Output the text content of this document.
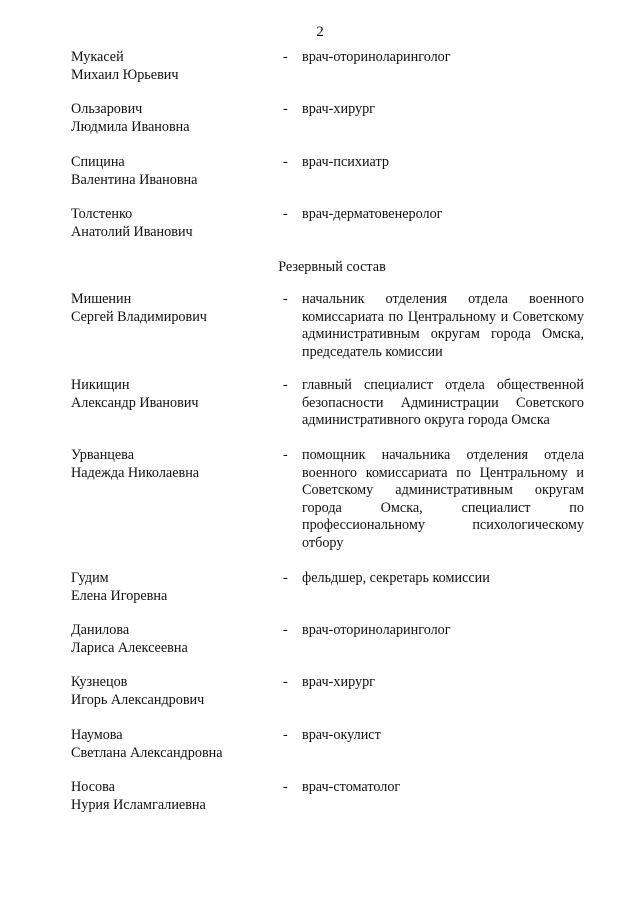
2
Мукасей
Михаил Юрьевич
- врач-оториноларинголог
Ользарович
Людмила Ивановна
- врач-хирург
Спицина
Валентина Ивановна
- врач-психиатр
Толстенко
Анатолий Иванович
- врач-дерматовенеролог
Резервный состав
Мишенин
Сергей Владимирович
- начальник отделения отдела военного комиссариата по Центральному и Советскому административным округам города Омска, председатель комиссии
Никищин
Александр Иванович
- главный специалист отдела общественной безопасности Администрации Советского административного округа города Омска
Урванцева
Надежда Николаевна
- помощник начальника отделения отдела военного комиссариата по Центральному и Советскому административным округам города Омска, специалист по профессиональному психологическому отбору
Гудим
Елена Игоревна
- фельдшер, секретарь комиссии
Данилова
Лариса Алексеевна
- врач-оториноларинголог
Кузнецов
Игорь Александрович
- врач-хирург
Наумова
Светлана Александровна
- врач-окулист
Носова
Нурия Исламгалиевна
- врач-стоматолог
